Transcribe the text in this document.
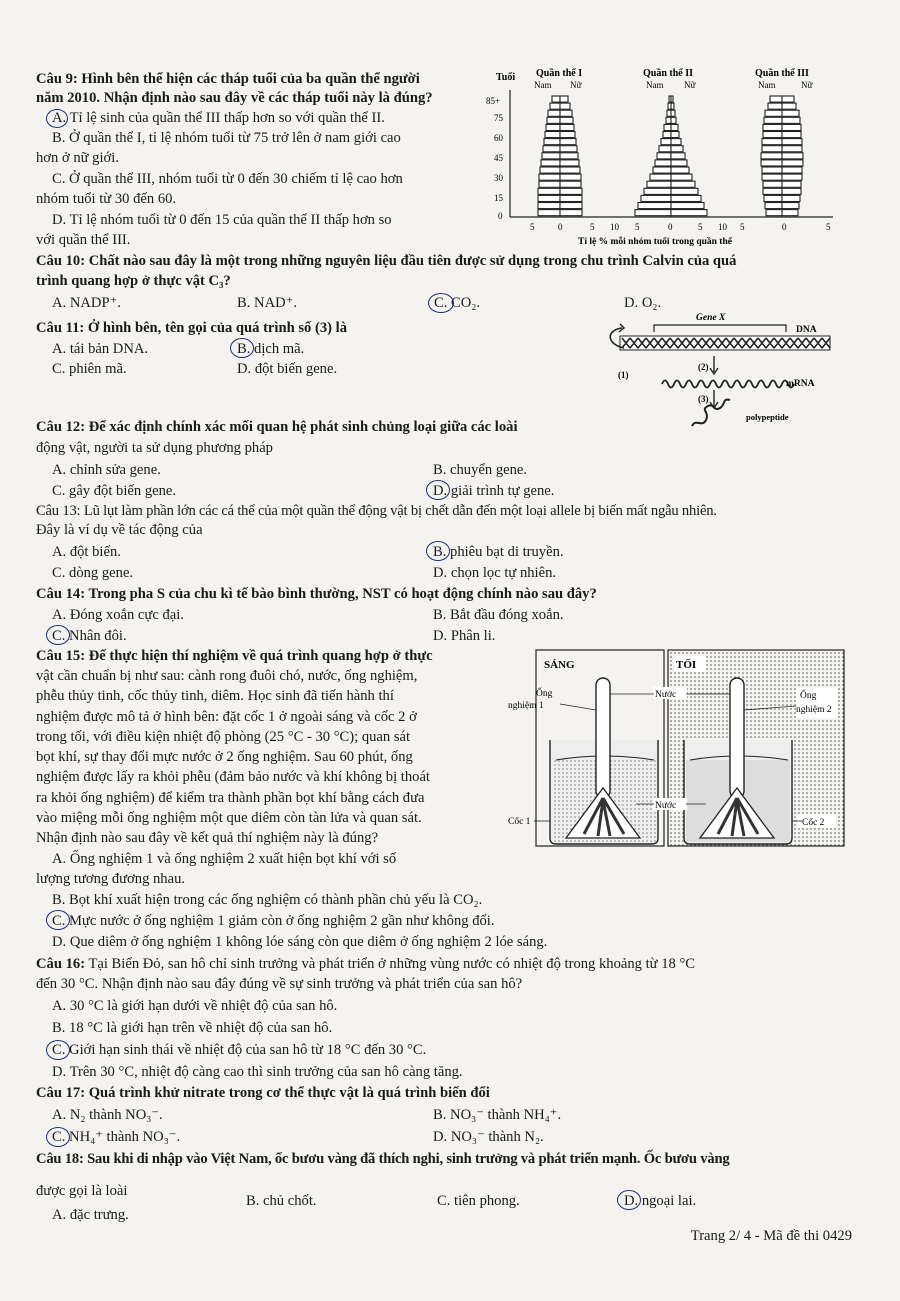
Câu 9: Hình bên thể hiện các tháp tuổi của ba quần thể người
năm 2010. Nhận định nào sau đây về các tháp tuổi này là đúng?
A. Tỉ lệ sinh của quần thể III thấp hơn so với quần thể II.
B. Ở quần thể I, tỉ lệ nhóm tuổi từ 75 trở lên ở nam giới cao
hơn ở nữ giới.
C. Ở quần thể III, nhóm tuổi từ 0 đến 30 chiếm tỉ lệ cao hơn
nhóm tuổi từ 30 đến 60.
D. Tỉ lệ nhóm tuổi từ 0 đến 15 của quần thể II thấp hơn so
với quần thể III.
Tuổi Quần thể I	Quần thể II	Quần thể III
Nam Nữ	Nam Nữ	Nam	Nữ
85+
75
60
45
30
15
0
5	0	5 10 5	0	5 10 5	0	5
Tỉ lệ % mỗi nhóm tuổi trong quần thể
Câu 10: Chất nào sau đây là một trong những nguyên liệu đầu tiên được sử dụng trong chu trình Calvin của quá
trình quang hợp ở thực vật C₃?
A. NADP⁺.	B. NAD⁺.	C. CO₂.	D. O₂.
Câu 11: Ở hình bên, tên gọi của quá trình số (3) là
A. tái bản DNA.	B. dịch mã.
C. phiên mã.	D. đột biến gene.
Gene X
DNA
(1)
(2)
mRNA
(3)
polypeptide
Câu 12: Để xác định chính xác mối quan hệ phát sinh chủng loại giữa các loài
động vật, người ta sử dụng phương pháp
A. chỉnh sửa gene.	B. chuyển gene.
C. gây đột biến gene.	D. giải trình tự gene.
Câu 13: Lũ lụt làm phần lớn các cá thể của một quần thể động vật bị chết dẫn đến một loại allele bị biến mất ngẫu nhiên.
Đây là ví dụ về tác động của
A. đột biến.	B. phiêu bạt di truyền.
C. dòng gene.	D. chọn lọc tự nhiên.
Câu 14: Trong pha S của chu kì tế bào bình thường, NST có hoạt động chính nào sau đây?
A. Đóng xoắn cực đại.	B. Bắt đầu đóng xoắn.
C. Nhân đôi.	D. Phân li.
Câu 15: Để thực hiện thí nghiệm về quá trình quang hợp ở thực
vật cần chuẩn bị như sau: cành rong đuôi chó, nước, ống nghiệm,
phễu thủy tinh, cốc thủy tinh, diêm. Học sinh đã tiến hành thí
nghiệm được mô tả ở hình bên: đặt cốc 1 ở ngoài sáng và cốc 2 ở
trong tối, với điều kiện nhiệt độ phòng (25 °C - 30 °C); quan sát
bọt khí, sự thay đổi mực nước ở 2 ống nghiệm. Sau 60 phút, ống
nghiệm được lấy ra khỏi phễu (đảm bảo nước và khí không bị thoát
ra khỏi ống nghiệm) để kiểm tra thành phần bọt khí bằng cách đưa
vào miệng mỗi ống nghiệm một que diêm còn tàn lửa và quan sát.
Nhận định nào sau đây về kết quả thí nghiệm này là đúng?
A. Ống nghiệm 1 và ống nghiệm 2 xuất hiện bọt khí với số
lượng tương đương nhau.
B. Bọt khí xuất hiện trong các ống nghiệm có thành phần chủ yếu là CO₂.
C. Mực nước ở ống nghiệm 1 giảm còn ở ống nghiệm 2 gần như không đổi.
D. Que diêm ở ống nghiệm 1 không lóe sáng còn que diêm ở ống nghiệm 2 lóe sáng.
SÁNG	TỐI
Ống
nghiệm 1
Ống
nghiệm 2
Nước
Nước
Cốc 1	Cốc 2
Câu 16: Tại Biển Đỏ, san hô chỉ sinh trưởng và phát triển ở những vùng nước có nhiệt độ trong khoảng từ 18 °C
đến 30 °C. Nhận định nào sau đây đúng về sự sinh trưởng và phát triển của san hô?
A. 30 °C là giới hạn dưới về nhiệt độ của san hô.
B. 18 °C là giới hạn trên về nhiệt độ của san hô.
C. Giới hạn sinh thái về nhiệt độ của san hô từ 18 °C đến 30 °C.
D. Trên 30 °C, nhiệt độ càng cao thì sinh trưởng của san hô càng tăng.
Câu 17: Quá trình khử nitrate trong cơ thể thực vật là quá trình biến đổi
A. N₂ thành NO₃⁻.	B. NO₃⁻ thành NH₄⁺.
C. NH₄⁺ thành NO₃⁻.	D. NO₃⁻ thành N₂.
Câu 18: Sau khi di nhập vào Việt Nam, ốc bươu vàng đã thích nghi, sinh trưởng và phát triển mạnh. Ốc bươu vàng
được gọi là loài
A. đặc trưng.
B. chủ chốt.	C. tiên phong.	D. ngoại lai.
Trang 2/ 4 - Mã đề thi 0429
